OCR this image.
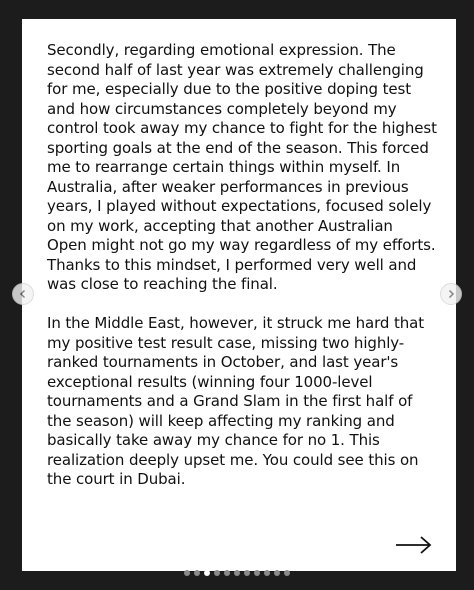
Secondly, regarding emotional expression. The second half of last year was extremely challenging for me, especially due to the positive doping test and how circumstances completely beyond my control took away my chance to fight for the highest sporting goals at the end of the season. This forced me to rearrange certain things within myself. In Australia, after weaker performances in previous years, I played without expectations, focused solely on my work, accepting that another Australian Open might not go my way regardless of my efforts. Thanks to this mindset, I performed very well and was close to reaching the final.

In the Middle East, however, it struck me hard that my positive test result case, missing two highly-ranked tournaments in October, and last year's exceptional results (winning four 1000-level tournaments and a Grand Slam in the first half of the season) will keep affecting my ranking and basically take away my chance for no 1. This realization deeply upset me. You could see this on the court in Dubai.
